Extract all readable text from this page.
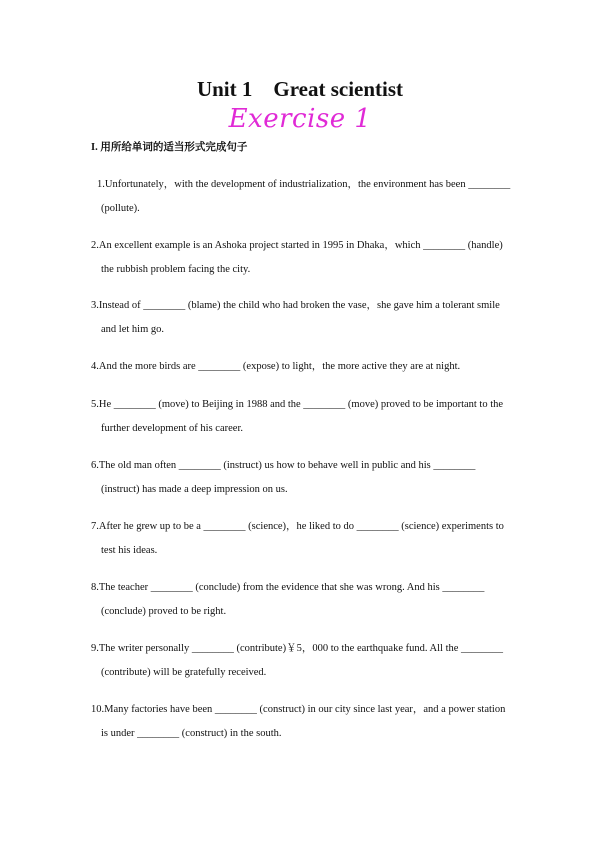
Unit 1    Great scientist
Exercise 1
I. 用所给单词的适当形式完成句子
1.Unfortunately，with the development of industrialization，the environment has been ________
(pollute).
2.An excellent example is an Ashoka project started in 1995 in Dhaka，which ________ (handle)
the rubbish problem facing the city.
3.Instead of ________ (blame) the child who had broken the vase，she gave him a tolerant smile
and let him go.
4.And the more birds are ________ (expose) to light，the more active they are at night.
5.He ________ (move) to Beijing in 1988 and the ________ (move) proved to be important to the
further development of his career.
6.The old man often ________ (instruct) us how to behave well in public and his ________
(instruct) has made a deep impression on us.
7.After he grew up to be a ________ (science)，he liked to do ________ (science) experiments to
test his ideas.
8.The teacher ________ (conclude) from the evidence that she was wrong. And his ________
(conclude) proved to be right.
9.The writer personally ________ (contribute)￥5，000 to the earthquake fund. All the ________
(contribute) will be gratefully received.
10.Many factories have been ________ (construct) in our city since last year，and a power station
is under ________ (construct) in the south.
